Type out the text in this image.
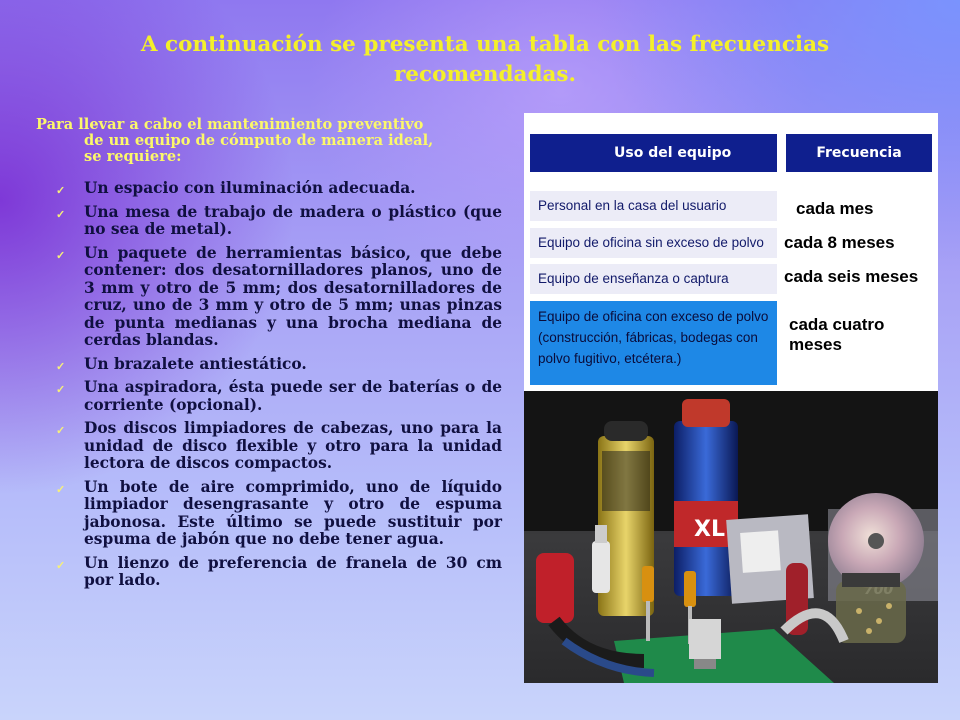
A continuación se presenta una tabla con las frecuencias recomendadas.
Para llevar a cabo el mantenimiento preventivo

de un equipo de cómputo de manera ideal,
se requiere:
✓ Un espacio con iluminación adecuada.
✓ Una mesa de trabajo de madera o plástico (que no sea de metal).
✓ Un paquete de herramientas básico, que debe contener: dos desatornilladores planos, uno de 3 mm y otro de 5 mm; dos desatornilladores de cruz, uno de 3 mm y otro de 5 mm; unas pinzas de punta medianas y una brocha mediana de cerdas blandas.
✓ Un brazalete antiestático.
✓ Una aspiradora, ésta puede ser de baterías o de corriente (opcional).
✓ Dos discos limpiadores de cabezas, uno para la unidad de disco flexible y otro para la unidad lectora de discos compactos.
✓ Un bote de aire comprimido, uno de líquido limpiador desengrasante y otro de espuma jabonosa. Este último se puede sustituir por espuma de jabón que no debe tener agua.
✓ Un lienzo de preferencia de franela de 30 cm por lado.
Uso del equipo	Frecuencia
Personal en la casa del usuario	cada mes
Equipo de oficina sin exceso de polvo	cada 8 meses
Equipo de enseñanza o captura	cada seis meses
Equipo de oficina con exceso de polvo
(construcción, fábricas, bodegas con
polvo fugitivo, etcétera.)
cada cuatro meses
XL
